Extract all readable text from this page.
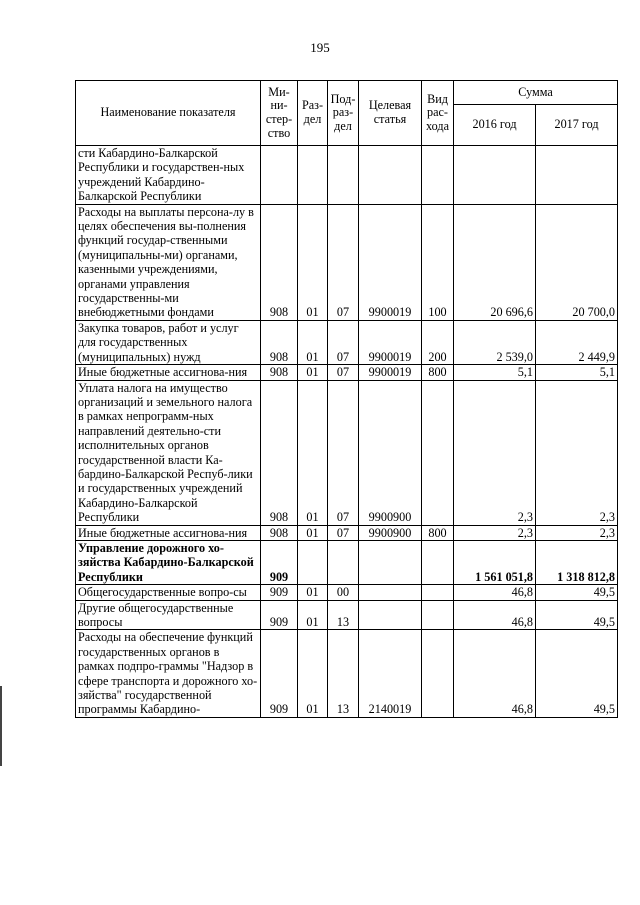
195
Наименование показателя	Ми-ни-стер-ство	Раз-дел	Под-раз-дел	Целевая статья	Вид рас-хода	Сумма	
						2016 год	2017 год
сти Кабардино-Балкарской Республики и государствен-ных учреждений Кабардино-Балкарской Республики							
Расходы на выплаты персона-лу в целях обеспечения вы-полнения функций государ-ственными (муниципальны-ми) органами, казенными учреждениями, органами управления государственны-ми внебюджетными фондами	908	01	07	9900019	100	20 696,6	20 700,0
Закупка товаров, работ и услуг для государственных (муниципальных) нужд	908	01	07	9900019	200	2 539,0	2 449,9
Иные бюджетные ассигнова-ния	908	01	07	9900019	800	5,1	5,1
Уплата налога на имущество организаций и земельного налога в рамках непрограмм-ных направлений деятельно-сти исполнительных органов государственной власти Ка-бардино-Балкарской Респуб-лики и государственных учреждений Кабардино-Балкарской Республики	908	01	07	9900900		2,3	2,3
Иные бюджетные ассигнова-ния	908	01	07	9900900	800	2,3	2,3
Управление дорожного хо-зяйства Кабардино-Балкарской Республики	909					1 561 051,8	1 318 812,8
Общегосударственные вопро-сы	909	01	00			46,8	49,5
Другие общегосударственные вопросы	909	01	13			46,8	49,5
Расходы на обеспечение функций государственных органов в рамках подпро-граммы "Надзор в сфере транспорта и дорожного хо-зяйства" государственной программы Кабардино-	909	01	13	2140019		46,8	49,5
